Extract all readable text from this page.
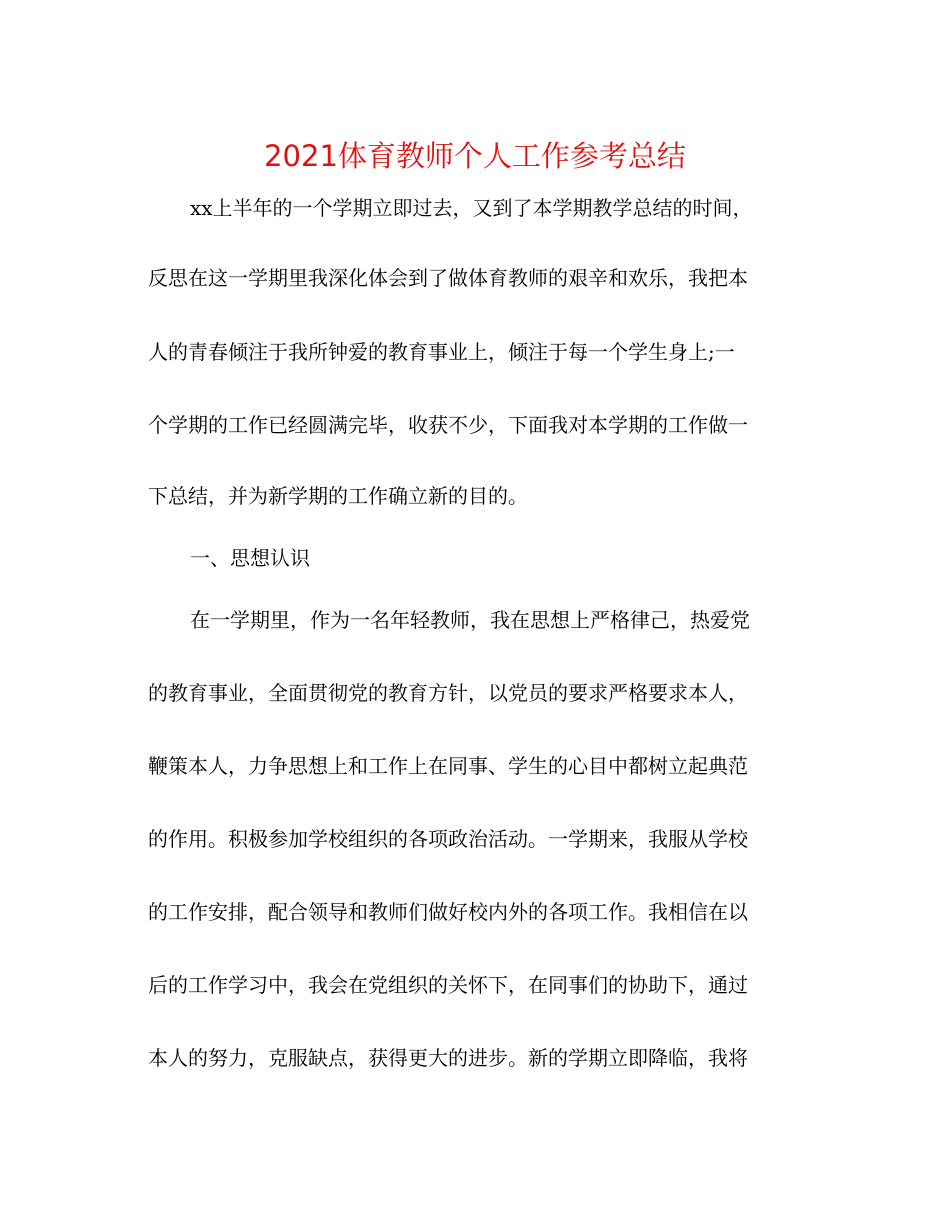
2021体育教师个人工作参考总结
xx上半年的一个学期立即过去，又到了本学期教学总结的时间，
反思在这一学期里我深化体会到了做体育教师的艰辛和欢乐，我把本
人的青春倾注于我所钟爱的教育事业上，倾注于每一个学生身上;一
个学期的工作已经圆满完毕，收获不少，下面我对本学期的工作做一
下总结，并为新学期的工作确立新的目的。
一、思想认识
在一学期里，作为一名年轻教师，我在思想上严格律己，热爱党
的教育事业，全面贯彻党的教育方针，以党员的要求严格要求本人，
鞭策本人，力争思想上和工作上在同事、学生的心目中都树立起典范
的作用。积极参加学校组织的各项政治活动。一学期来，我服从学校
的工作安排，配合领导和教师们做好校内外的各项工作。我相信在以
后的工作学习中，我会在党组织的关怀下，在同事们的协助下，通过
本人的努力，克服缺点，获得更大的进步。新的学期立即降临，我将
